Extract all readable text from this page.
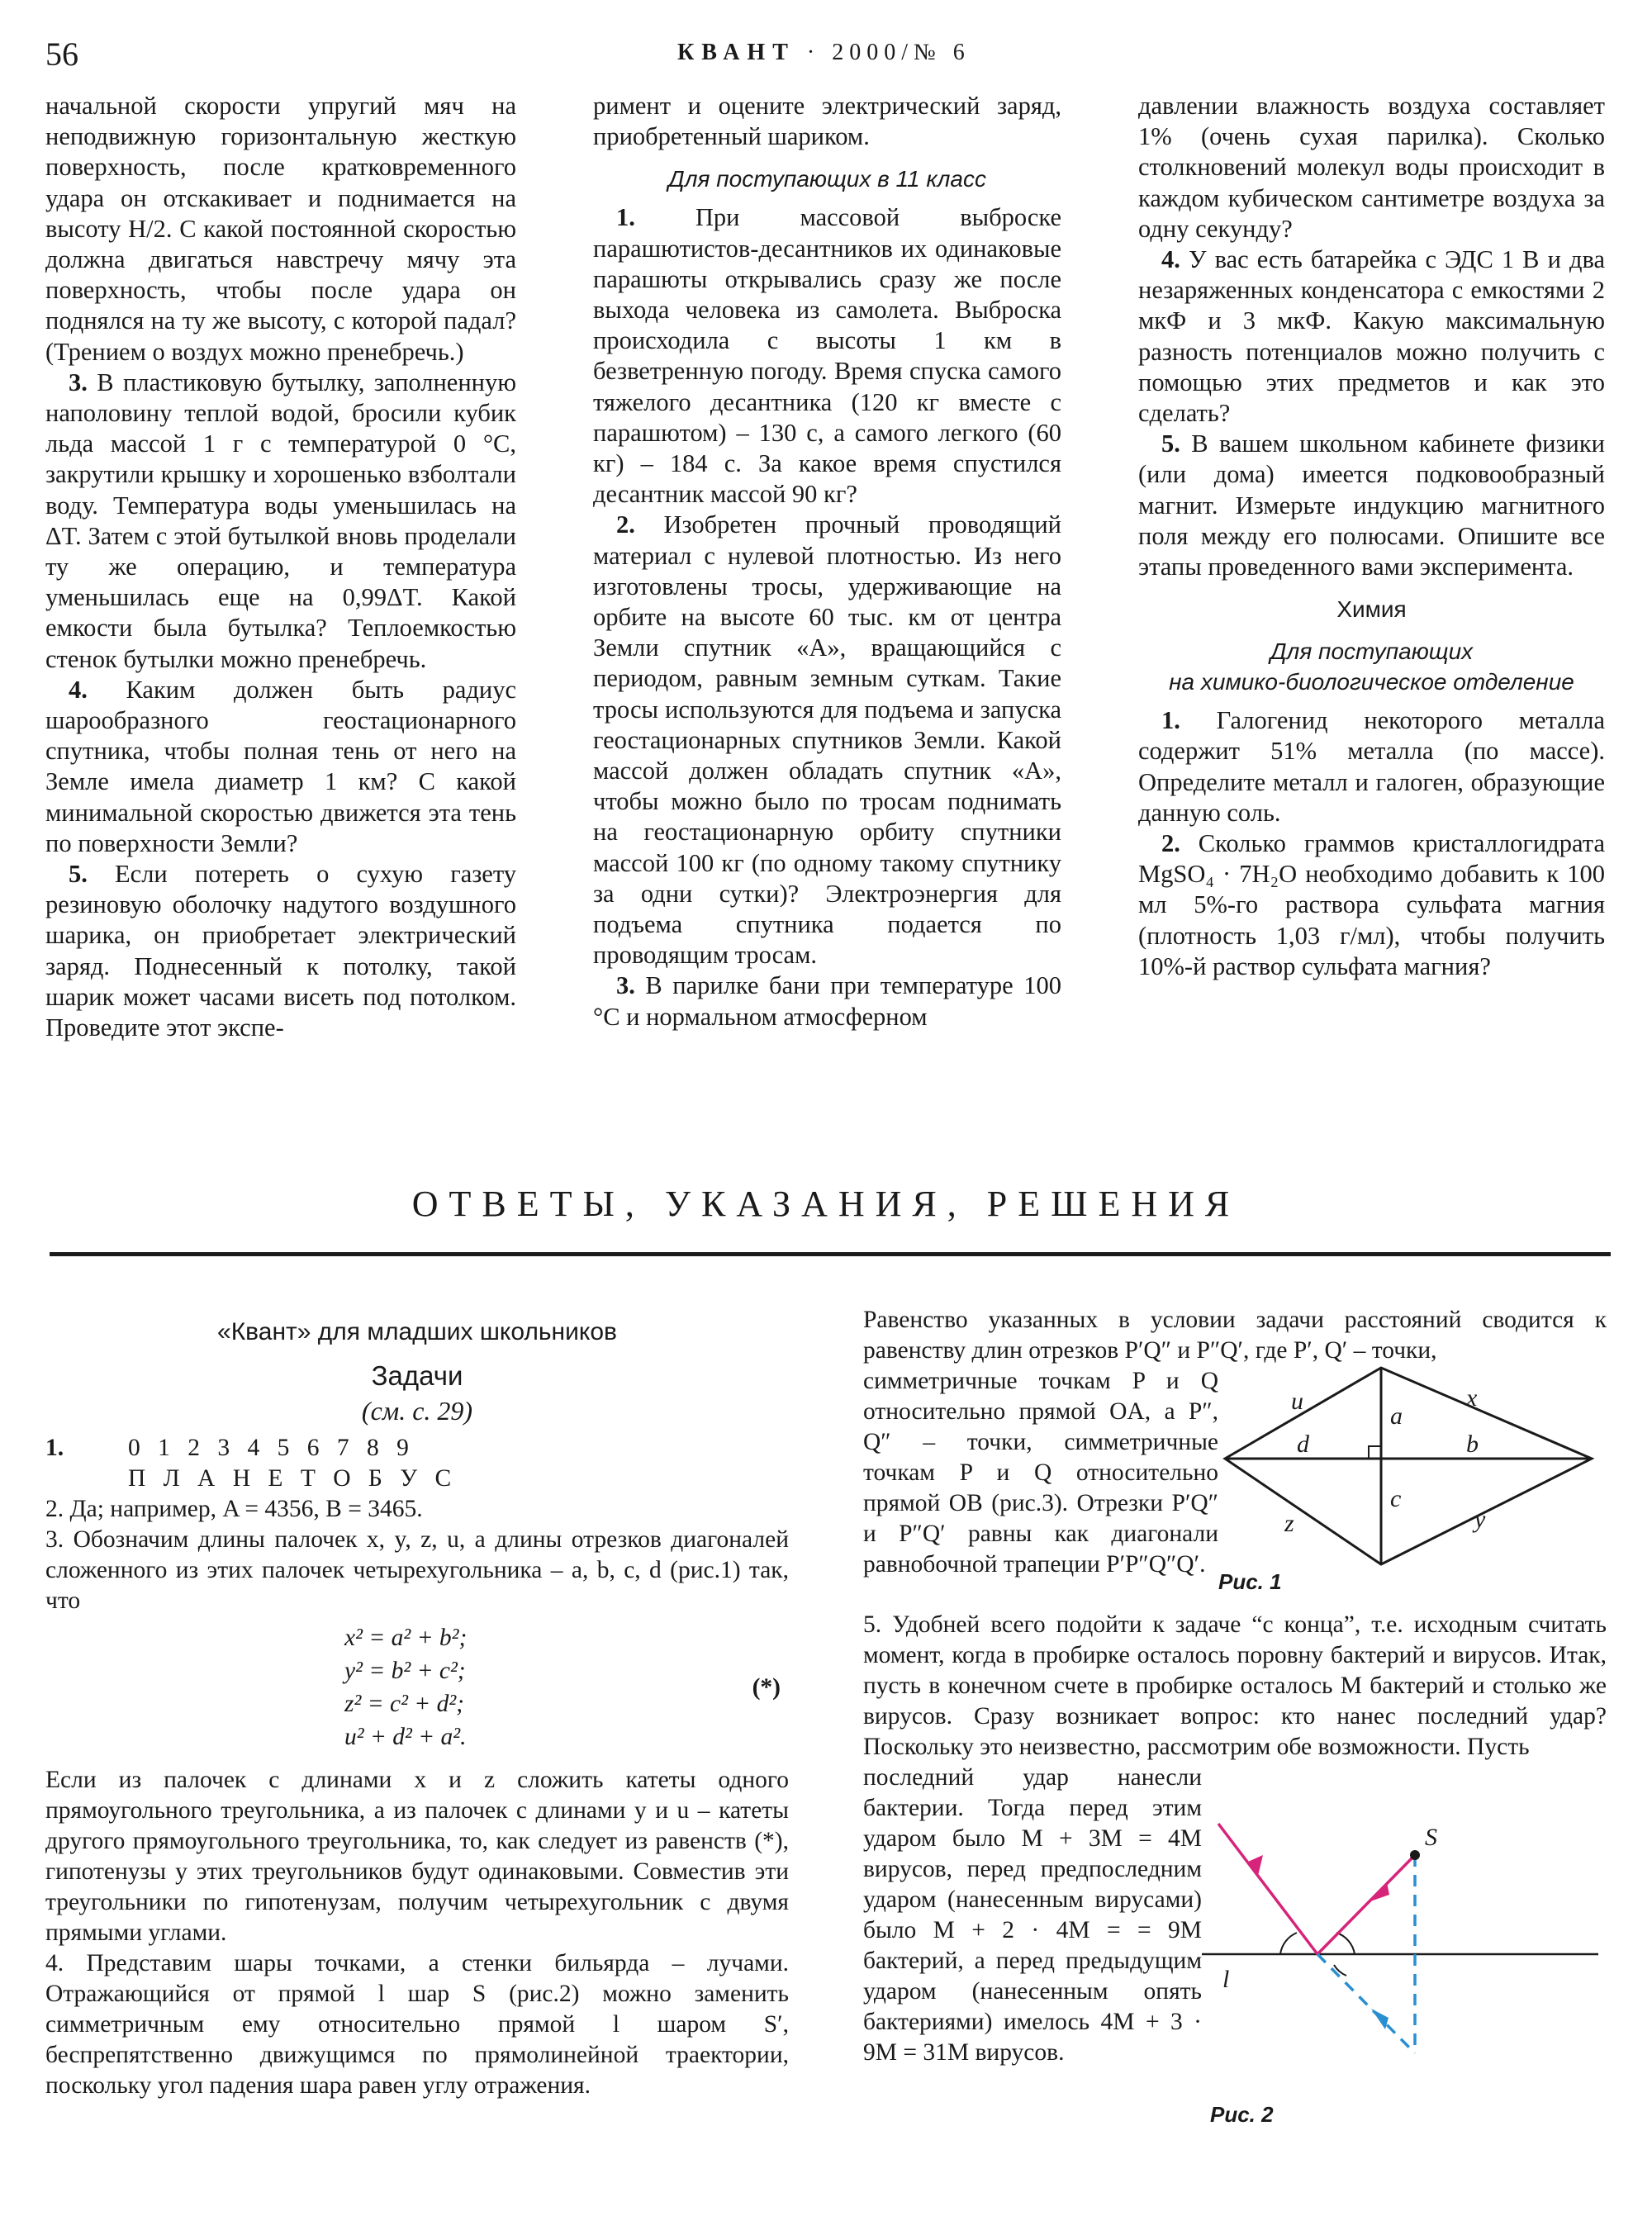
56	КВАНТ · 2000/№ 6

начальной скорости упругий мяч на неподвижную горизонтальную жесткую поверхность, после кратковременного удара он отскакивает и поднимается на высоту H/2. С какой постоянной скоростью должна двигаться навстречу мячу эта поверхность, чтобы после удара он поднялся на ту же высоту, с которой падал? (Трением о воздух можно пренебречь.)

3. В пластиковую бутылку, заполненную наполовину теплой водой, бросили кубик льда массой 1 г с температурой 0 °С, закрутили крышку и хорошенько взболтали воду. Температура воды уменьшилась на ΔT. Затем с этой бутылкой вновь проделали ту же операцию, и температура уменьшилась еще на 0,99ΔT. Какой емкости была бутылка? Теплоемкостью стенок бутылки можно пренебречь.

4. Каким должен быть радиус шарообразного геостационарного спутника, чтобы полная тень от него на Земле имела диаметр 1 км? С какой минимальной скоростью движется эта тень по поверхности Земли?

5. Если потереть о сухую газету резиновую оболочку надутого воздушного шарика, он приобретает электрический заряд. Поднесенный к потолку, такой шарик может часами висеть под потолком. Проведите этот экспе-

римент и оцените электрический заряд, приобретенный шариком.

Для поступающих в 11 класс

1. При массовой выброске парашютистов-десантников их одинаковые парашюты открывались сразу же после выхода человека из самолета. Выброска происходила с высоты 1 км в безветренную погоду. Время спуска самого тяжелого десантника (120 кг вместе с парашютом) – 130 с, а самого легкого (60 кг) – 184 с. За какое время спустился десантник массой 90 кг?

2. Изобретен прочный проводящий материал с нулевой плотностью. Из него изготовлены тросы, удерживающие на орбите на высоте 60 тыс. км от центра Земли спутник «А», вращающийся с периодом, равным земным суткам. Такие тросы используются для подъема и запуска геостационарных спутников Земли. Какой массой должен обладать спутник «А», чтобы можно было по тросам поднимать на геостационарную орбиту спутники массой 100 кг (по одному такому спутнику за одни сутки)? Электроэнергия для подъема спутника подается по проводящим тросам.

3. В парилке бани при температуре 100 °С и нормальном атмосферном

давлении влажность воздуха составляет 1% (очень сухая парилка). Сколько столкновений молекул воды происходит в каждом кубическом сантиметре воздуха за одну секунду?

4. У вас есть батарейка с ЭДС 1 В и два незаряженных конденсатора с емкостями 2 мкФ и 3 мкФ. Какую максимальную разность потенциалов можно получить с помощью этих предметов и как это сделать?

5. В вашем школьном кабинете физики (или дома) имеется подковообразный магнит. Измерьте индукцию магнитного поля между его полюсами. Опишите все этапы проведенного вами эксперимента.

Химия
Для поступающих
на химико-биологическое отделение

1. Галогенид некоторого металла содержит 51% металла (по массе). Определите металл и галоген, образующие данную соль.

2. Сколько граммов кристаллогидрата MgSO₄ · 7H₂O необходимо добавить к 100 мл 5%-го раствора сульфата магния (плотность 1,03 г/мл), чтобы получить 10%-й раствор сульфата магния?

ОТВЕТЫ, УКАЗАНИЯ, РЕШЕНИЯ
«Квант» для младших школьников
Задачи
(см. с. 29)
1.	0 1 2 3 4 5 6 7 8 9
П Л А Н Е Т О Б У С

2. Да; например, A = 4356, B = 3465.

3. Обозначим длины палочек x, y, z, u, а длины отрезков диагоналей сложенного из этих палочек четырехугольника – a, b, c, d (рис.1) так, что

x² = a² + b²;
y² = b² + c²;
z² = c² + d²;
u² + d² + a².
(*)

Если из палочек с длинами x и z сложить катеты одного прямоугольного треугольника, а из палочек с длинами y и u – катеты другого прямоугольного треугольника, то, как следует из равенств (*), гипотенузы у этих треугольников будут одинаковыми. Совместив эти треугольники по гипотенузам, получим четырехугольник с двумя прямыми углами.

4. Представим шары точками, а стенки бильярда – лучами. Отражающийся от прямой l шар S (рис.2) можно заменить симметричным ему относительно прямой l шаром S′, беспрепятственно движущимся по прямолинейной траектории, поскольку угол падения шара равен углу отражения.

Равенство указанных в условии задачи расстояний сводится к равенству длин отрезков P′Q″ и P″Q′, где P′, Q′ – точки,

симметричные точкам P и Q относительно прямой OA, а P″, Q″ – точки, симметричные точкам P и Q относительно прямой OB (рис.3). Отрезки P′Q″ и P″Q′ равны как диагонали равнобочной трапеции P′P″Q″Q′.

u	x
a
d	b
c
z	y
Рис. 1

5. Удобней всего подойти к задаче “с конца”, т.е. исходным считать момент, когда в пробирке осталось поровну бактерий и вирусов. Итак, пусть в конечном счете в пробирке осталось M бактерий и столько же вирусов. Сразу возникает вопрос: кто нанес последний удар? Поскольку это неизвестно, рассмотрим обе возможности. Пусть

последний удар нанесли бактерии. Тогда перед этим ударом было M + 3M = 4M вирусов, перед предпоследним ударом (нанесенным вирусами) было M + 2 · 4M = = 9M бактерий, а перед предыдущим ударом (нанесенным опять бактериями) имелось 4M + 3 · 9M = 31M вирусов.

S
l
Рис. 2
